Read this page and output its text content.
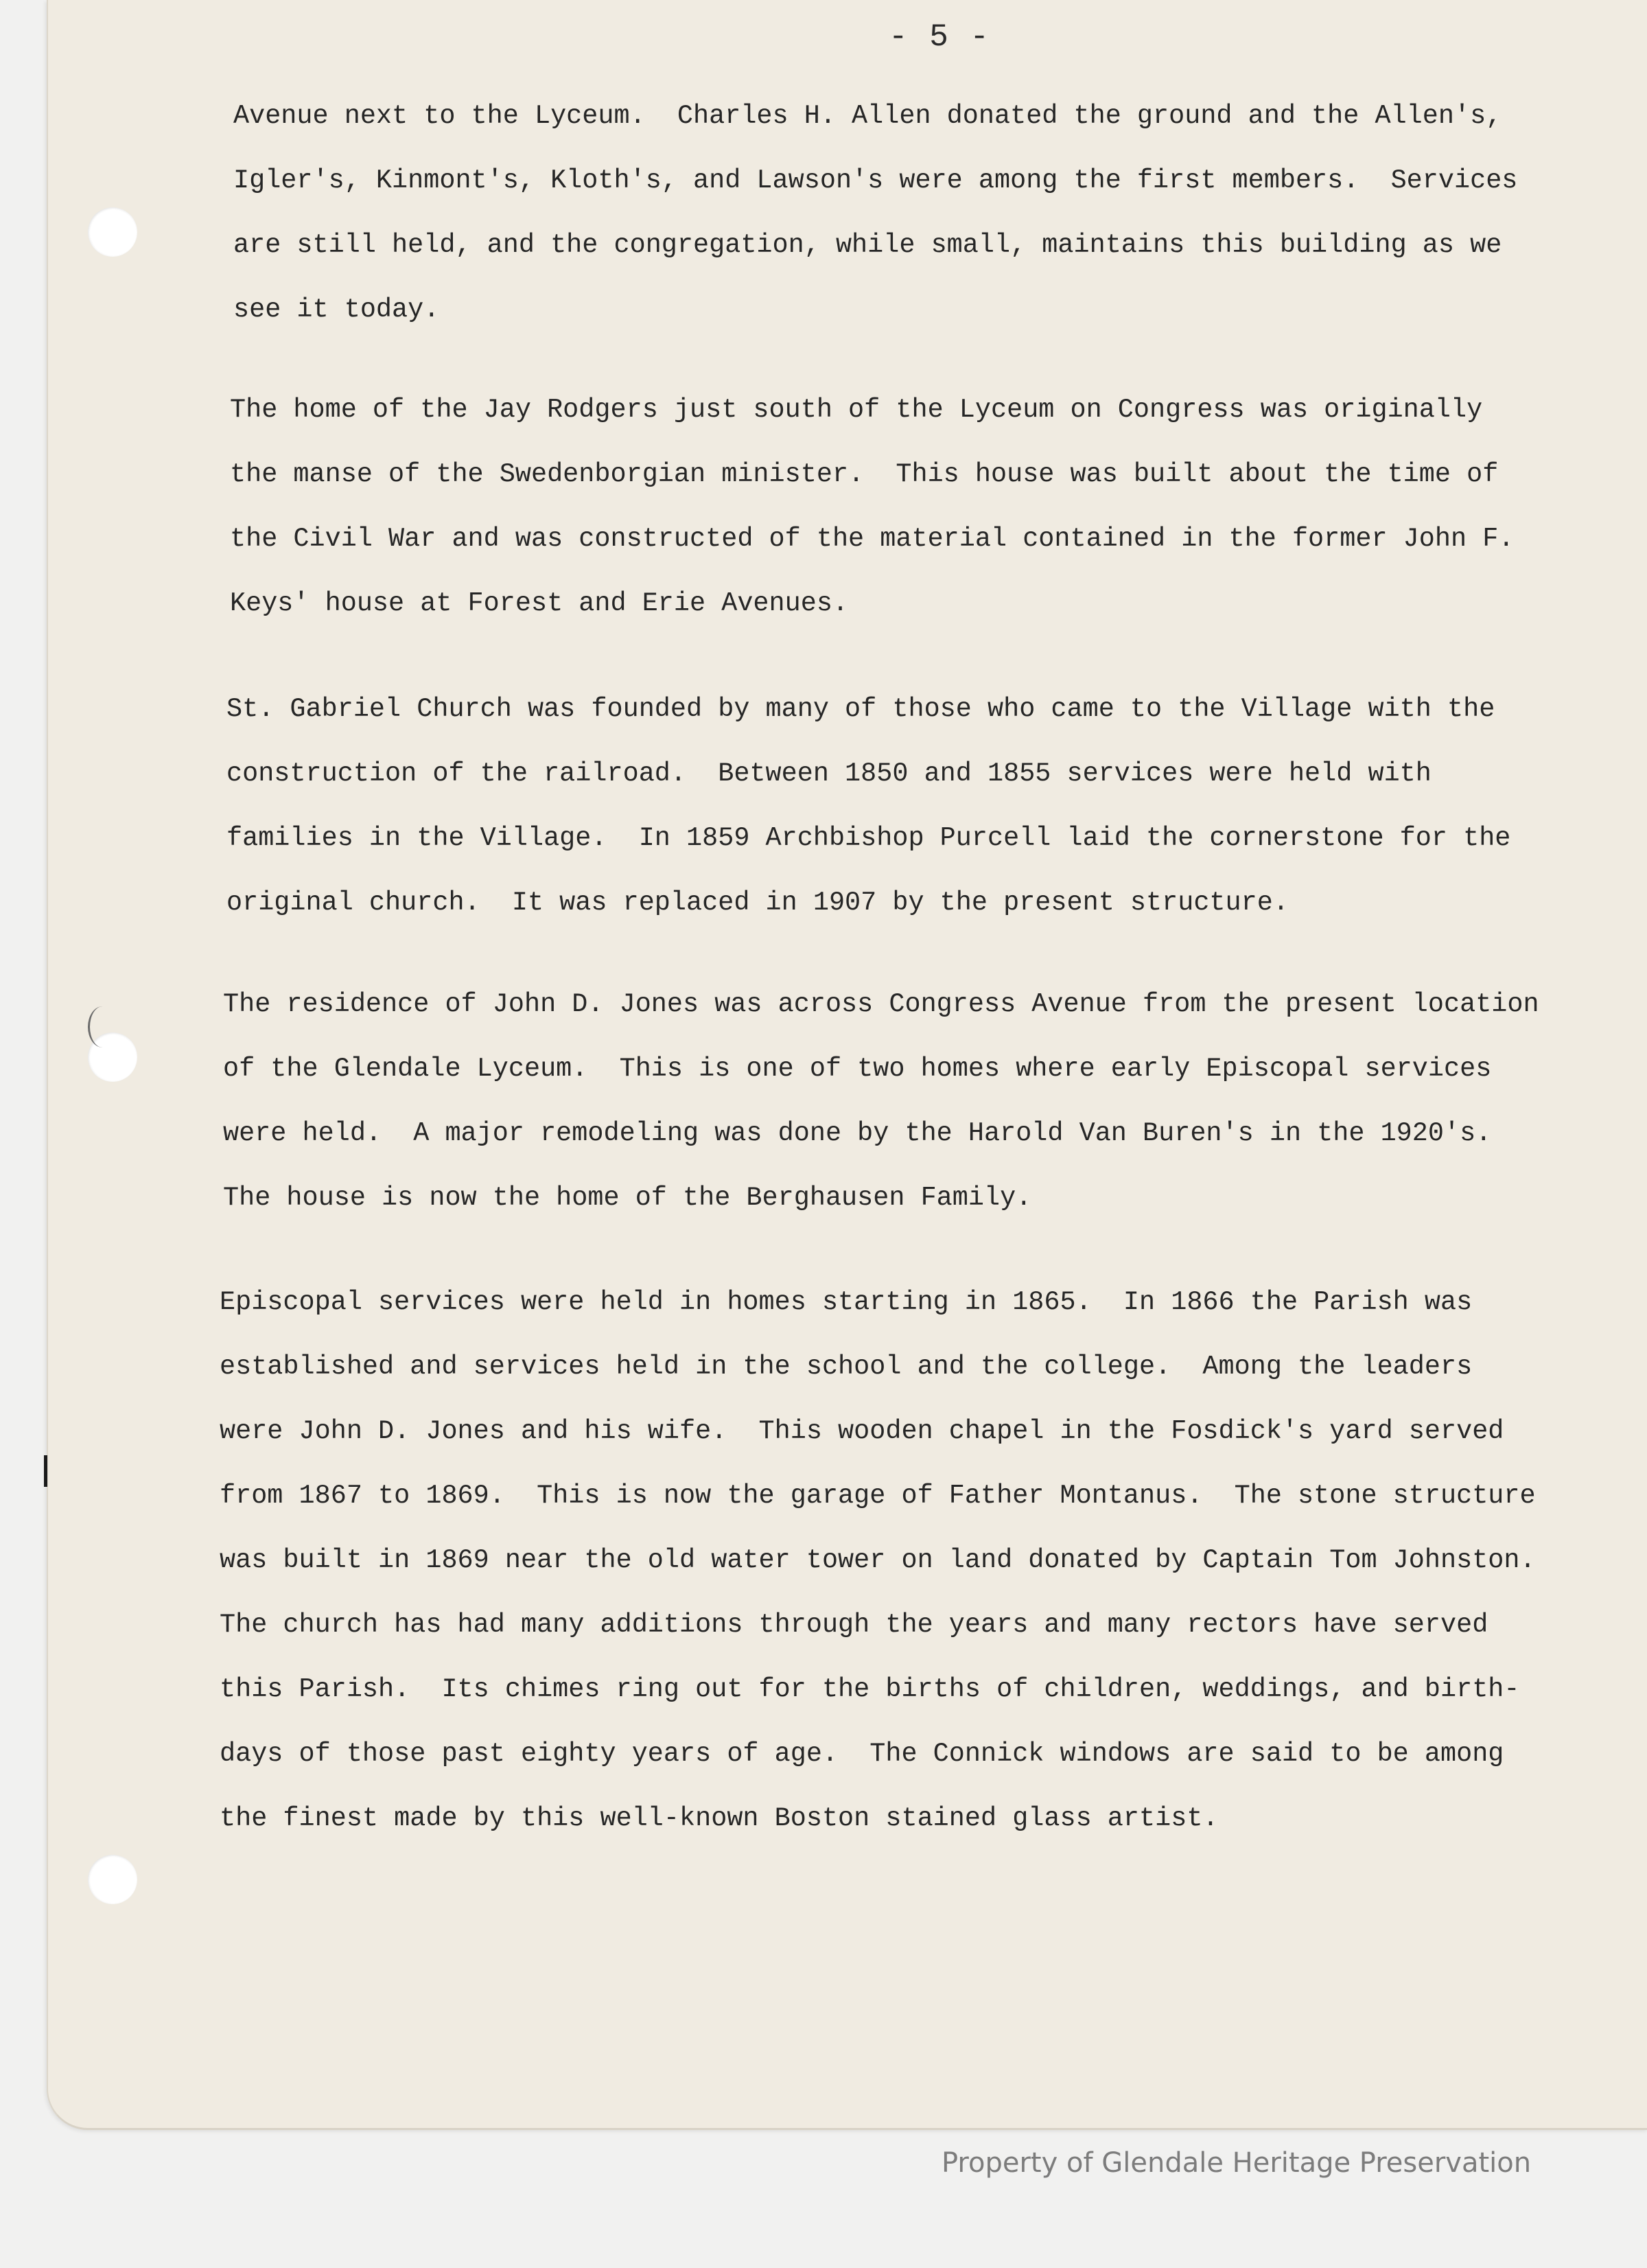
- 5 -
Avenue next to the Lyceum.  Charles H. Allen donated the ground and the Allen's,
Igler's, Kinmont's, Kloth's, and Lawson's were among the first members.  Services
are still held, and the congregation, while small, maintains this building as we
see it today.
The home of the Jay Rodgers just south of the Lyceum on Congress was originally
the manse of the Swedenborgian minister.  This house was built about the time of
the Civil War and was constructed of the material contained in the former John F.
Keys' house at Forest and Erie Avenues.
St. Gabriel Church was founded by many of those who came to the Village with the
construction of the railroad.  Between 1850 and 1855 services were held with
families in the Village.  In 1859 Archbishop Purcell laid the cornerstone for the
original church.  It was replaced in 1907 by the present structure.
The residence of John D. Jones was across Congress Avenue from the present location
of the Glendale Lyceum.  This is one of two homes where early Episcopal services
were held.  A major remodeling was done by the Harold Van Buren's in the 1920's.
The house is now the home of the Berghausen Family.
Episcopal services were held in homes starting in 1865.  In 1866 the Parish was
established and services held in the school and the college.  Among the leaders
were John D. Jones and his wife.  This wooden chapel in the Fosdick's yard served
from 1867 to 1869.  This is now the garage of Father Montanus.  The stone structure
was built in 1869 near the old water tower on land donated by Captain Tom Johnston.
The church has had many additions through the years and many rectors have served
this Parish.  Its chimes ring out for the births of children, weddings, and birth-
days of those past eighty years of age.  The Connick windows are said to be among
the finest made by this well-known Boston stained glass artist.
Property of Glendale Heritage Preservation
